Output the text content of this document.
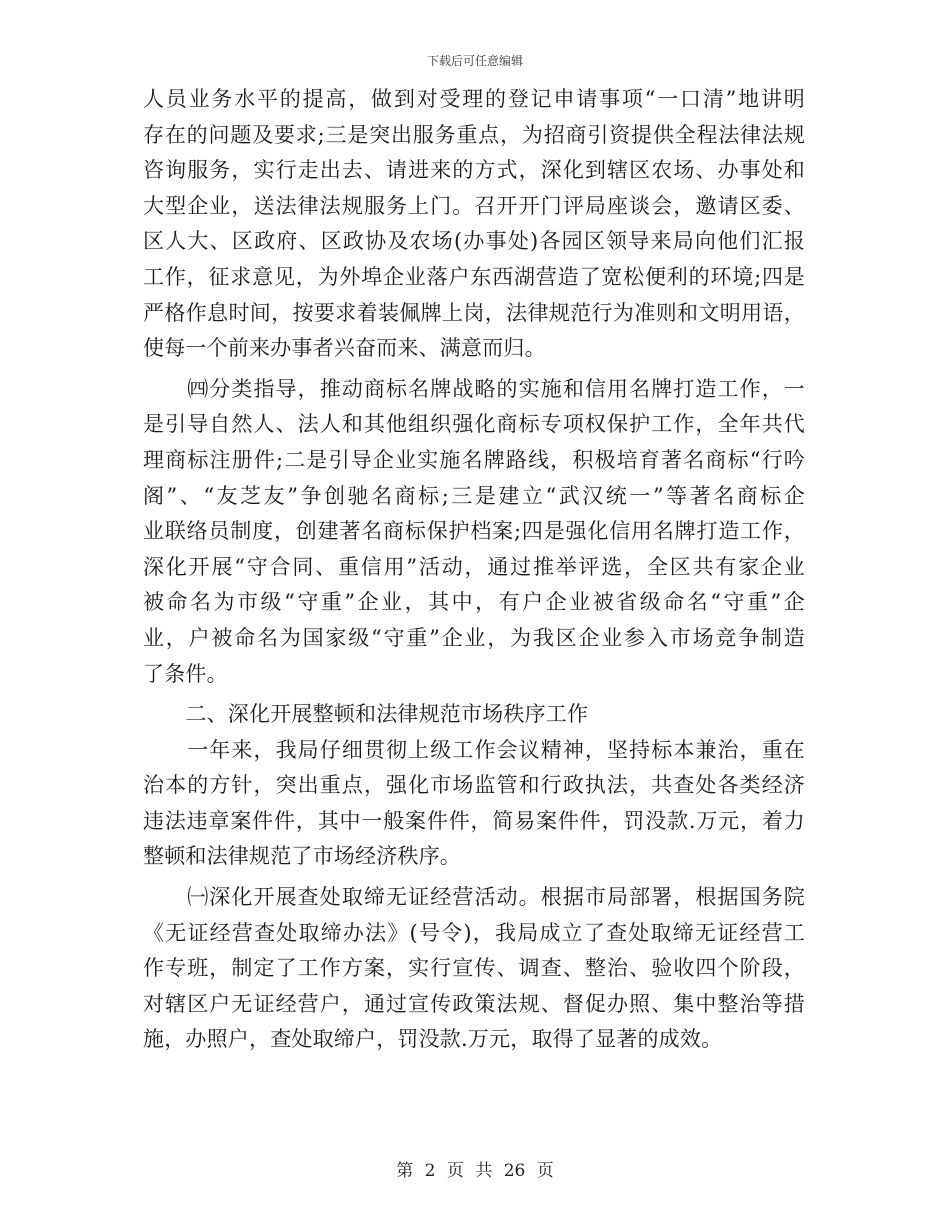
下载后可任意编辑
人员业务水平的提高，做到对受理的登记申请事项“一口清”地讲明
存在的问题及要求;三是突出服务重点，为招商引资提供全程法律法规
咨询服务，实行走出去、请进来的方式，深化到辖区农场、办事处和
大型企业，送法律法规服务上门。召开开门评局座谈会，邀请区委、
区人大、区政府、区政协及农场(办事处)各园区领导来局向他们汇报
工作，征求意见，为外埠企业落户东西湖营造了宽松便利的环境;四是
严格作息时间，按要求着装佩牌上岗，法律规范行为准则和文明用语，
使每一个前来办事者兴奋而来、满意而归。
　　㈣分类指导，推动商标名牌战略的实施和信用名牌打造工作，一
是引导自然人、法人和其他组织强化商标专项权保护工作，全年共代
理商标注册件;二是引导企业实施名牌路线，积极培育著名商标“行吟
阁”、“友芝友”争创驰名商标;三是建立“武汉统一”等著名商标企
业联络员制度，创建著名商标保护档案;四是强化信用名牌打造工作，
深化开展“守合同、重信用”活动，通过推举评选，全区共有家企业
被命名为市级“守重”企业，其中，有户企业被省级命名“守重”企
业，户被命名为国家级“守重”企业，为我区企业参入市场竞争制造
了条件。
　　二、深化开展整顿和法律规范市场秩序工作
　　一年来，我局仔细贯彻上级工作会议精神，坚持标本兼治，重在
治本的方针，突出重点，强化市场监管和行政执法，共查处各类经济
违法违章案件件，其中一般案件件，简易案件件，罚没款.万元，着力
整顿和法律规范了市场经济秩序。
　　㈠深化开展查处取缔无证经营活动。根据市局部署，根据国务院
《无证经营查处取缔办法》(号令)，我局成立了查处取缔无证经营工
作专班，制定了工作方案，实行宣传、调查、整治、验收四个阶段，
对辖区户无证经营户，通过宣传政策法规、督促办照、集中整治等措
施，办照户，查处取缔户，罚没款.万元，取得了显著的成效。
第 2 页 共 26 页
